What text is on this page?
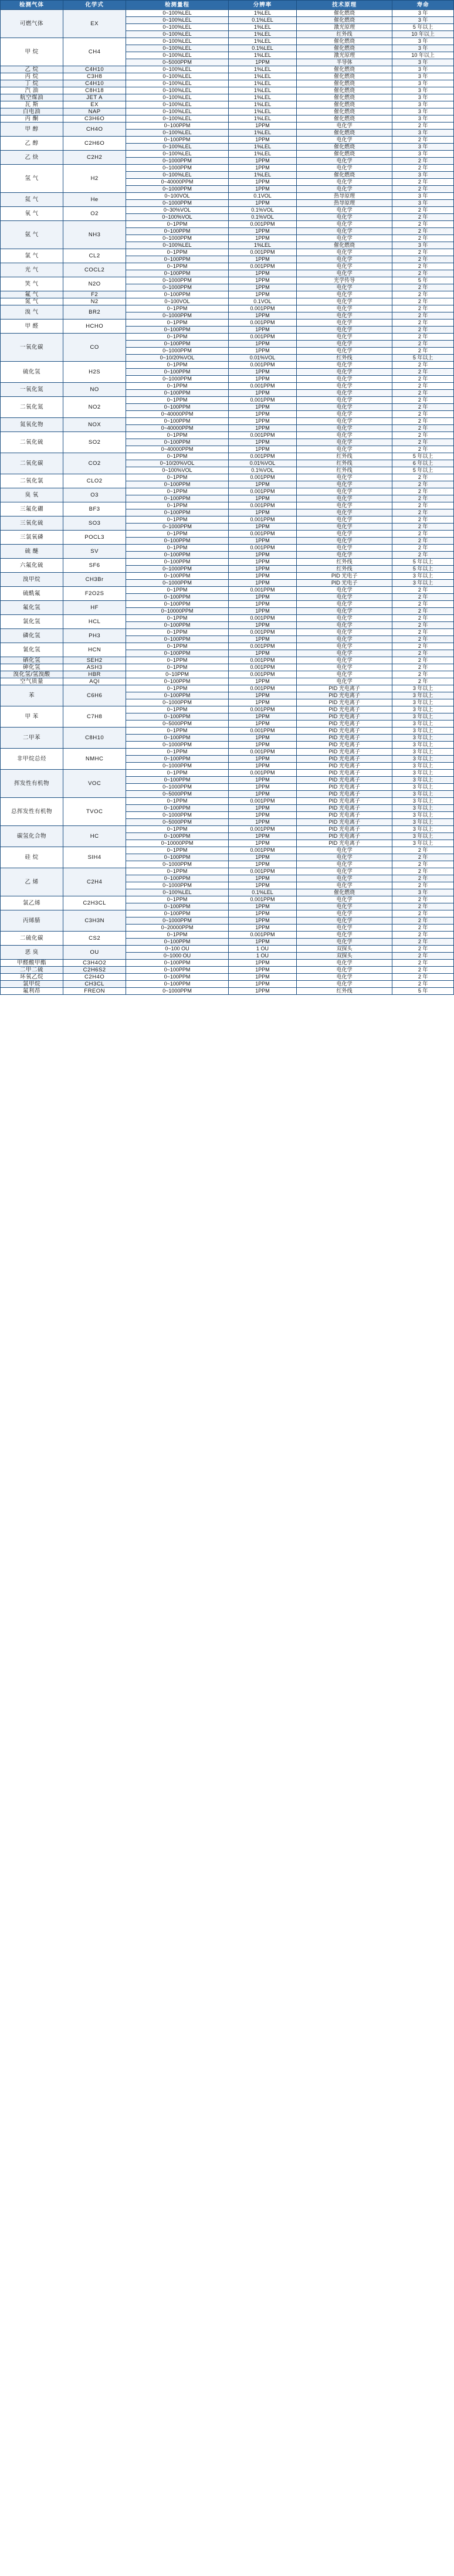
检测气体	化学式	检测量程	分辨率	技术原理	寿命
可燃气体	EX	0~100%LEL	1%LEL	催化燃烧	3 年
		0~100%LEL	0.1%LEL	催化燃烧	3 年
		0~100%LEL	1%LEL	激光原理	5 年以上
		0~100%LEL	1%LEL	红外线	10 年以上
甲 烷	CH4	0~100%LEL	1%LEL	催化燃烧	3 年
		0~100%LEL	0.1%LEL	催化燃烧	3 年
		0~100%LEL	1%LEL	激光原理	10 年以上
		0~5000PPM	1PPM	半导体	3 年
乙 烷	C4H10	0~100%LEL	1%LEL	催化燃烧	3 年
丙 烷	C3H8	0~100%LEL	1%LEL	催化燃烧	3 年
丁 烷	C4H10	0~100%LEL	1%LEL	催化燃烧	3 年
汽 油	C8H18	0~100%LEL	1%LEL	催化燃烧	3 年
航空煤油	JET A	0~100%LEL	1%LEL	催化燃烧	3 年
瓦 斯	EX	0~100%LEL	1%LEL	催化燃烧	3 年
白电油	NAP	0~100%LEL	1%LEL	催化燃烧	3 年
丙 酮	C3H6O	0~100%LEL	1%LEL	催化燃烧	3 年
甲 醇	CH4O	0~100PPM	1PPM	电化学	2 年
		0~100%LEL	1%LEL	催化燃烧	3 年
乙 醇	C2H6O	0~100PPM	1PPM	电化学	2 年
		0~100%LEL	1%LEL	催化燃烧	3 年
乙 炔	C2H2	0~100%LEL	1%LEL	催化燃烧	3 年
		0~1000PPM	1PPM	电化学	2 年
氢 气	H2	0~1000PPM	1PPM	电化学	2 年
		0~100%LEL	1%LEL	催化燃烧	3 年
		0~40000PPM	1PPM	电化学	2 年
		0~1000PPM	1PPM	电化学	2 年
氦 气	He	0~100VOL	0.1VOL	热导原理	3 年
		0~1000PPM	1PPM	热导原理	3 年
氧 气	O2	0~30%VOL	0.1%VOL	电化学	2 年
		0~100%VOL	0.1%VOL	电化学	2 年
氨 气	NH3	0~1PPM	0.001PPM	电化学	2 年
		0~100PPM	1PPM	电化学	2 年
		0~1000PPM	1PPM	电化学	2 年
		0~100%LEL	1%LEL	催化燃烧	3 年
氯 气	CL2	0~1PPM	0.001PPM	电化学	2 年
		0~100PPM	1PPM	电化学	2 年
光 气	COCL2	0~1PPM	0.001PPM	电化学	2 年
		0~100PPM	1PPM	电化学	2 年
笑 气	N2O	0~1000PPM	1PPM	光学传导	5 年
		0~1000PPM	1PPM	电化学	2 年
氟 气	F2	0~100PPM	1PPM	电化学	2 年
氮 气	N2	0~100VOL	0.1VOL	电化学	2 年
溴 气	BR2	0~1PPM	0.001PPM	电化学	2 年
		0~1000PPM	1PPM	电化学	2 年
甲 醛	HCHO	0~1PPM	0.001PPM	电化学	2 年
		0~100PPM	1PPM	电化学	2 年
一氧化碳	CO	0~1PPM	0.001PPM	电化学	2 年
		0~100PPM	1PPM	电化学	2 年
		0~1000PPM	1PPM	电化学	2 年
		0~10/20%VOL	0.01%VOL	红外线	5 年以上
硫化氢	H2S	0~1PPM	0.001PPM	电化学	2 年
		0~100PPM	1PPM	电化学	2 年
		0~1000PPM	1PPM	电化学	2 年
一氧化氮	NO	0~1PPM	0.001PPM	电化学	2 年
		0~100PPM	1PPM	电化学	2 年
二氧化氮	NO2	0~1PPM	0.001PPM	电化学	2 年
		0~100PPM	1PPM	电化学	2 年
		0~40000PPM	1PPM	电化学	2 年
氮氧化物	NOX	0~100PPM	1PPM	电化学	2 年
		0~40000PPM	1PPM	电化学	2 年
二氧化硫	SO2	0~1PPM	0.001PPM	电化学	2 年
		0~100PPM	1PPM	电化学	2 年
		0~40000PPM	1PPM	电化学	2 年
二氧化碳	CO2	0~1PPM	0.001PPM	红外线	5 年以上
		0~10/20%VOL	0.01%VOL	红外线	6 年以上
		0~100%VOL	0.1%VOL	红外线	5 年以上
二氧化氯	CLO2	0~1PPM	0.001PPM	电化学	2 年
		0~100PPM	1PPM	电化学	2 年
臭 氧	O3	0~1PPM	0.001PPM	电化学	2 年
		0~100PPM	1PPM	电化学	2 年
三氟化硼	BF3	0~1PPM	0.001PPM	电化学	2 年
		0~100PPM	1PPM	电化学	2 年
三氧化硫	SO3	0~1PPM	0.001PPM	电化学	2 年
		0~1000PPM	1PPM	电化学	2 年
三氯氧磷	POCL3	0~1PPM	0.001PPM	电化学	2 年
		0~100PPM	1PPM	电化学	2 年
硫 醚	SV	0~1PPM	0.001PPM	电化学	2 年
		0~100PPM	1PPM	电化学	2 年
六氟化硫	SF6	0~100PPM	1PPM	红外线	5 年以上
		0~1000PPM	1PPM	红外线	5 年以上
溴甲烷	CH3Br	0~100PPM	1PPM	PID 光电子	3 年以上
		0~1000PPM	1PPM	PID 光电子	3 年以上
硫酰氟	F2O2S	0~1PPM	0.001PPM	电化学	2 年
		0~100PPM	1PPM	电化学	2 年
氟化氢	HF	0~100PPM	1PPM	电化学	2 年
		0~10000PPM	1PPM	电化学	2 年
氯化氢	HCL	0~1PPM	0.001PPM	电化学	2 年
		0~100PPM	1PPM	电化学	2 年
磷化氢	PH3	0~1PPM	0.001PPM	电化学	2 年
		0~100PPM	1PPM	电化学	2 年
氰化氢	HCN	0~1PPM	0.001PPM	电化学	2 年
		0~100PPM	1PPM	电化学	2 年
硒化氢	SEH2	0~1PPM	0.001PPM	电化学	2 年
砷化氢	ASH3	0~1PPM	0.001PPM	电化学	2 年
溴化氢/氢溴酸	HBR	0~10PPM	0.001PPM	电化学	2 年
空气质量	AQI	0~100PPM	1PPM	电化学	2 年
苯	C6H6	0~1PPM	0.001PPM	PID 光电离子	3 年以上
		0~100PPM	1PPM	PID 光电离子	3 年以上
		0~1000PPM	1PPM	PID 光电离子	3 年以上
甲 苯	C7H8	0~1PPM	0.001PPM	PID 光电离子	3 年以上
		0~100PPM	1PPM	PID 光电离子	3 年以上
		0~5000PPM	1PPM	PID 光电离子	3 年以上
二甲苯	C8H10	0~1PPM	0.001PPM	PID 光电离子	3 年以上
		0~100PPM	1PPM	PID 光电离子	3 年以上
		0~1000PPM	1PPM	PID 光电离子	3 年以上
非甲烷总烃	NMHC	0~1PPM	0.001PPM	PID 光电离子	3 年以上
		0~100PPM	1PPM	PID 光电离子	3 年以上
		0~1000PPM	1PPM	PID 光电离子	3 年以上
挥发性有机物	VOC	0~1PPM	0.001PPM	PID 光电离子	3 年以上
		0~100PPM	1PPM	PID 光电离子	3 年以上
		0~1000PPM	1PPM	PID 光电离子	3 年以上
		0~5000PPM	1PPM	PID 光电离子	3 年以上
总挥发性有机物	TVOC	0~1PPM	0.001PPM	PID 光电离子	3 年以上
		0~100PPM	1PPM	PID 光电离子	3 年以上
		0~1000PPM	1PPM	PID 光电离子	3 年以上
		0~5000PPM	1PPM	PID 光电离子	3 年以上
碳氢化合物	HC	0~1PPM	0.001PPM	PID 光电离子	3 年以上
		0~100PPM	1PPM	PID 光电离子	3 年以上
		0~10000PPM	1PPM	PID 光电离子	3 年以上
硅 烷	SIH4	0~1PPM	0.001PPM	电化学	2 年
		0~100PPM	1PPM	电化学	2 年
		0~1000PPM	1PPM	电化学	2 年
乙 烯	C2H4	0~1PPM	0.001PPM	电化学	2 年
		0~100PPM	1PPM	电化学	2 年
		0~1000PPM	1PPM	电化学	2 年
		0~100%LEL	0.1%LEL	催化燃烧	3 年
氯乙烯	C2H3CL	0~1PPM	0.001PPM	电化学	2 年
		0~100PPM	1PPM	电化学	2 年
丙烯腈	C3H3N	0~100PPM	1PPM	电化学	2 年
		0~1000PPM	1PPM	电化学	2 年
		0~20000PPM	1PPM	电化学	2 年
二硫化碳	CS2	0~1PPM	0.001PPM	电化学	2 年
		0~100PPM	1PPM	电化学	2 年
恶 臭	OU	0~100 OU	1 OU	双探头	2 年
		0~1000 OU	1 OU	双探头	2 年
甲醛酸甲酯	C3H4O2	0~100PPM	1PPM	电化学	2 年
二甲二硫	C2H6S2	0~100PPM	1PPM	电化学	2 年
环氧乙烷	C2H4O	0~100PPM	1PPM	电化学	2 年
氯甲烷	CH3CL	0~100PPM	1PPM	电化学	2 年
氟利昂	FREON	0~1000PPM	1PPM	红外线	5 年
